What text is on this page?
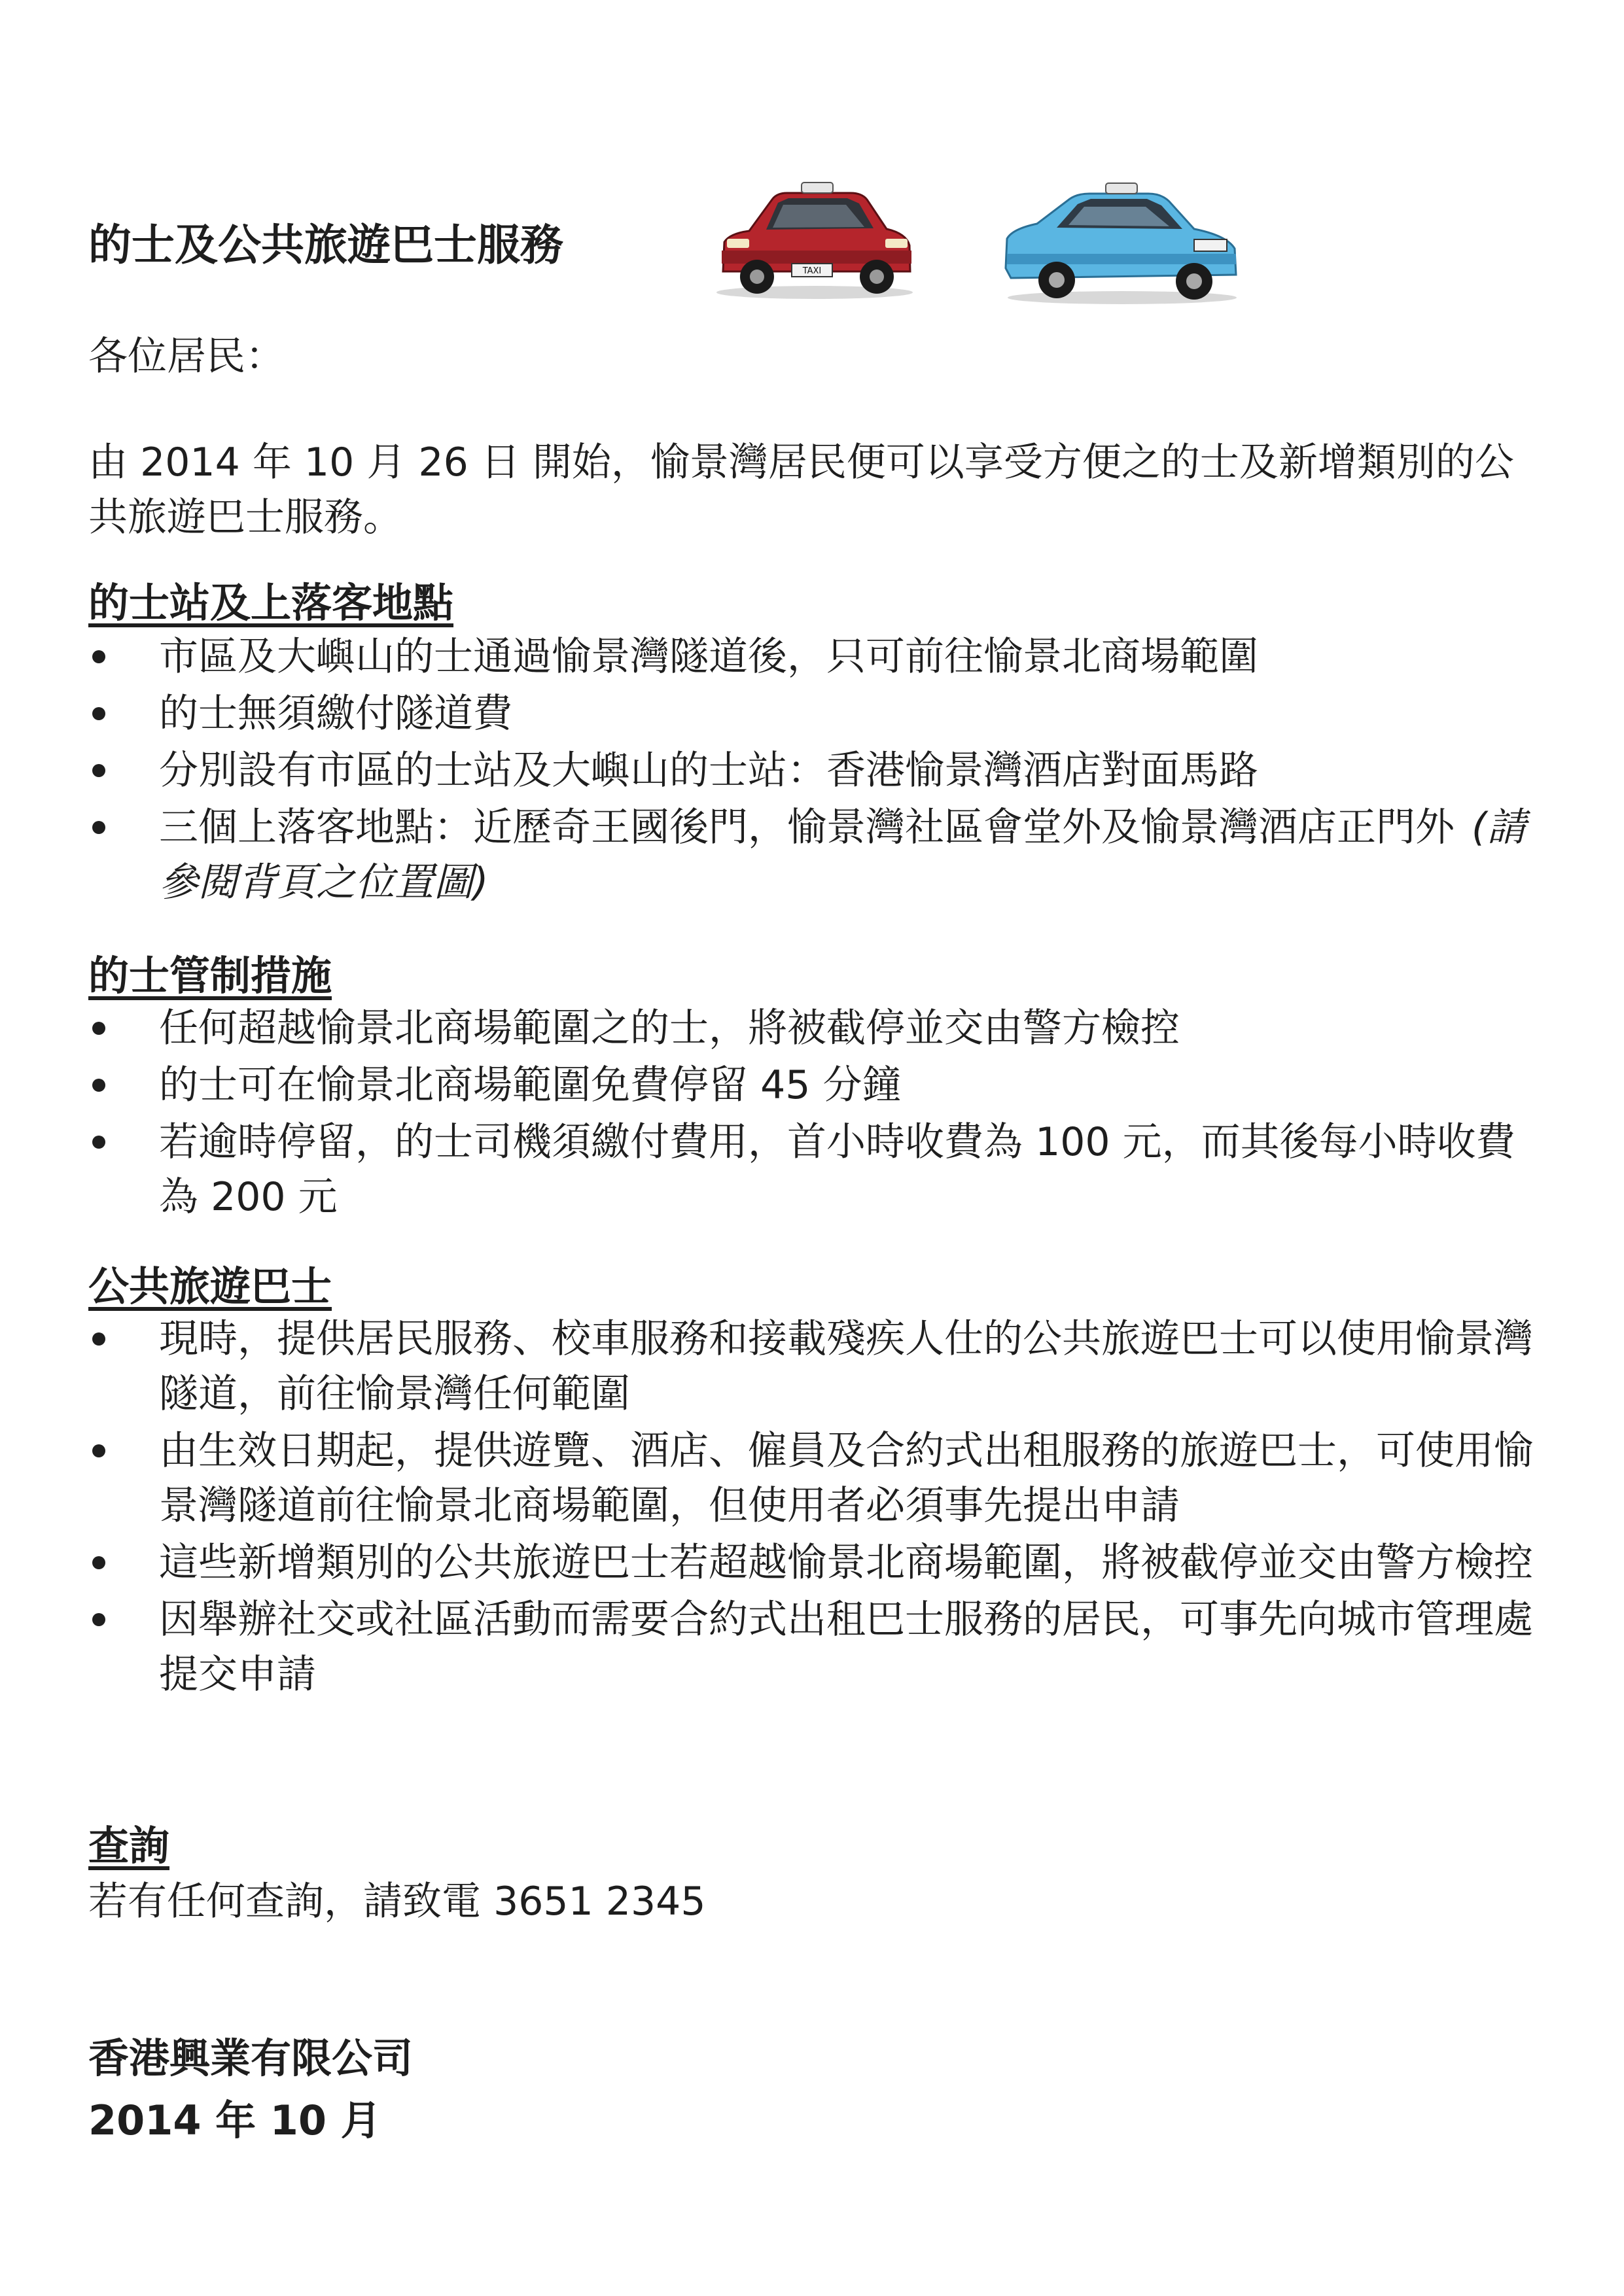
的士及公共旅遊巴士服務
TAXI
各位居民：
由 2014 年 10 月 26 日 開始，愉景灣居民便可以享受方便之的士及新增類別的公共旅遊巴士服務。
的士站及上落客地點
市區及大嶼山的士通過愉景灣隧道後，只可前往愉景北商場範圍
的士無須繳付隧道費
分別設有市區的士站及大嶼山的士站：香港愉景灣酒店對面馬路
三個上落客地點：近歷奇王國後門，愉景灣社區會堂外及愉景灣酒店正門外 (請參閱背頁之位置圖)
的士管制措施
任何超越愉景北商場範圍之的士，將被截停並交由警方檢控
的士可在愉景北商場範圍免費停留 45 分鐘
若逾時停留，的士司機須繳付費用，首小時收費為 100 元，而其後每小時收費為 200 元
公共旅遊巴士
現時，提供居民服務、校車服務和接載殘疾人仕的公共旅遊巴士可以使用愉景灣隧道，前往愉景灣任何範圍
由生效日期起，提供遊覽、酒店、僱員及合約式出租服務的旅遊巴士，可使用愉景灣隧道前往愉景北商場範圍，但使用者必須事先提出申請
這些新增類別的公共旅遊巴士若超越愉景北商場範圍，將被截停並交由警方檢控
因舉辦社交或社區活動而需要合約式出租巴士服務的居民，可事先向城市管理處提交申請
查詢
若有任何查詢，請致電 3651 2345
香港興業有限公司
2014 年 10 月
